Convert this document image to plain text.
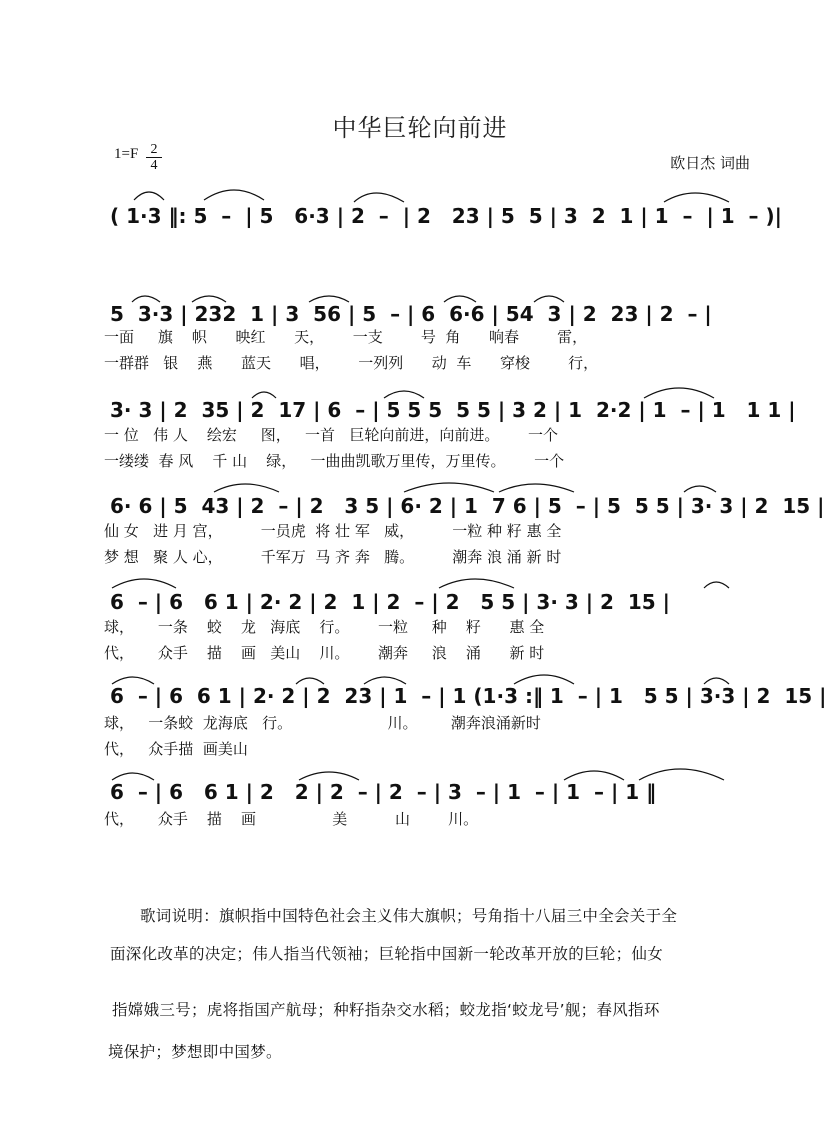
中华巨轮向前进
$1=F \frac{2}{4}$	欧日杰 词曲
( 1·3 ‖: 5  –  | 5   6·3 | 2  –  | 2   23 | 5  5 | 3  2  1 | 1  –  | 1  – )|
5  3·3 | 232  1 | 3  56 | 5  – | 6  6·6 | 54  3 | 2  23 | 2  – |
一面     旗    帜      映红      天，      一支        号  角      响春        雷，
一群群   银    燕      蓝天      唱，      一列列      动  车      穿梭        行，
3· 3 | 2  35 | 2  17 | 6  – | 5 5 5  5 5 | 3 2 | 1  2·2 | 1  – | 1   1 1 |
一 位   伟 人    绘宏     图，   一首   巨轮向前进，向前进。      一个
一缕缕  春 风    千 山    绿，   一曲曲凯歌万里传，万里传。      一个
6· 6 | 5  43 | 2  – | 2   3 5 | 6· 2 | 1  7 6 | 5  – | 5  5 5 | 3· 3 | 2  15 |
仙 女   进 月 宫，        一员虎  将 壮 军   威，        一粒 种 籽 惠 全
梦 想   聚 人 心，        千军万  马 齐 奔   腾。        潮奔 浪 涌 新 时
6  – | 6   6 1 | 2· 2 | 2  1 | 2  – | 2   5 5 | 3· 3 | 2  15 |
球，     一条    蛟    龙   海底    行。      一粒     种    籽      惠 全
代，     众手    描    画   美山    川。      潮奔     浪    涌      新 时
6  – | 6  6 1 | 2· 2 | 2  23 | 1  – | 1 (1·3 :‖ 1  – | 1   5 5 | 3·3 | 2  15 |
球，   一条蛟  龙海底   行。                    川。       潮奔浪涌新时
代，   众手描  画美山
6  – | 6   6 1 | 2   2 | 2  – | 2  – | 3  – | 1  – | 1  – | 1 ‖
代，     众手    描    画                美          山        川。

歌词说明：旗帜指中国特色社会主义伟大旗帜；号角指十八届三中全会关于全

面深化改革的决定；伟人指当代领袖；巨轮指中国新一轮改革开放的巨轮；仙女

指嫦娥三号；虎将指国产航母；种籽指杂交水稻；蛟龙指‘蛟龙号’舰；春风指环

境保护；梦想即中国梦。
